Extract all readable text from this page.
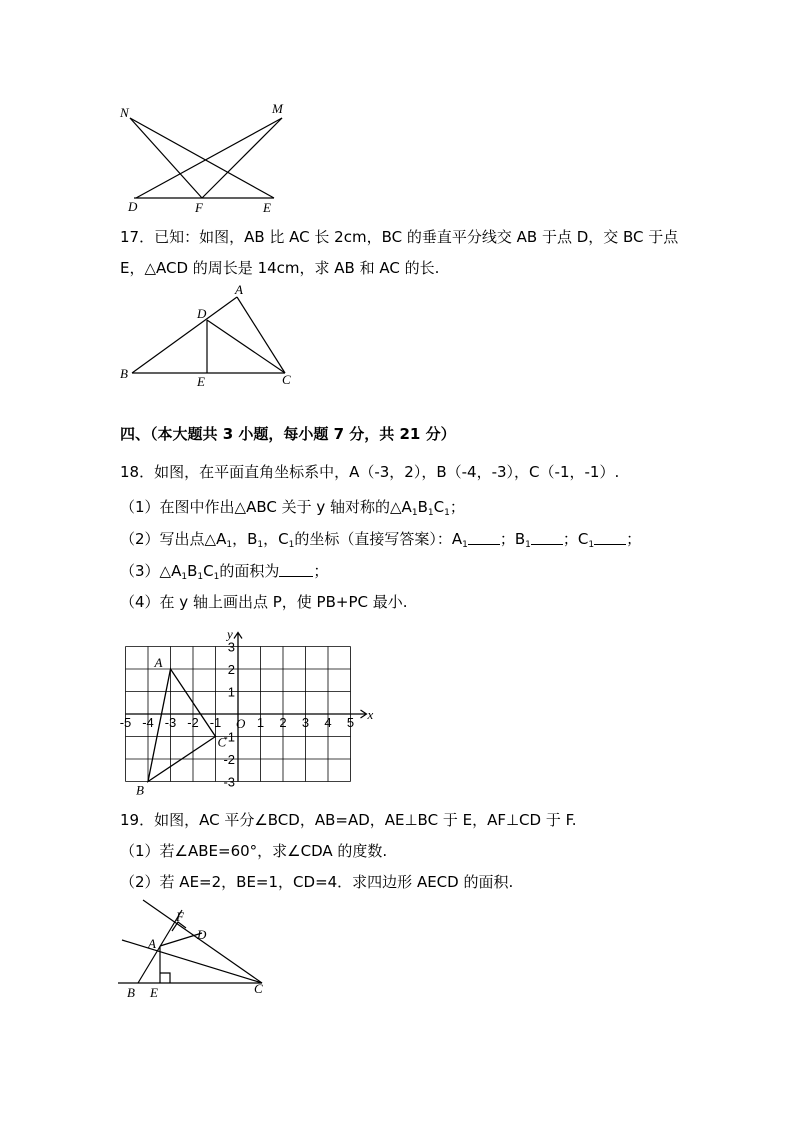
N	M
D	F	E
17．已知：如图，AB 比 AC 长 2cm，BC 的垂直平分线交 AB 于点 D，交 BC 于点
E，△ACD 的周长是 14cm，求 AB 和 AC 的长.
A
D
B
E	C
四、（本大题共 3 小题，每小题 7 分，共 21 分）
18．如图，在平面直角坐标系中，A（-3，2），B（-4，-3），C（-1，-1）.
（1）在图中作出△ABC 关于 y 轴对称的$\triangle A_1B_1C_1$；
（2）写出点$\triangle A_1$，$B_1$，$C_1$的坐标（直接写答案）：$A_1$ ；$B_1$ ；$C_1$ ；
$(3)\triangle A_1B_1C_1$的面积为 ；
（4）在 y 轴上画出点 P，使 PB+PC 最小.
x
y
O
-5 -4 -3 -2 -1	1 2 3 4 5
3
2
1
-1
-2
-3
A
B
C
19．如图，AC 平分∠BCD，AB=AD，AE⊥BC 于 E，AF⊥CD 于 F.
（1）若∠ABE=60°，求∠CDA 的度数.
（2）若 AE=2，BE=1，CD=4．求四边形 AECD 的面积.
F
D
A
B E	C
